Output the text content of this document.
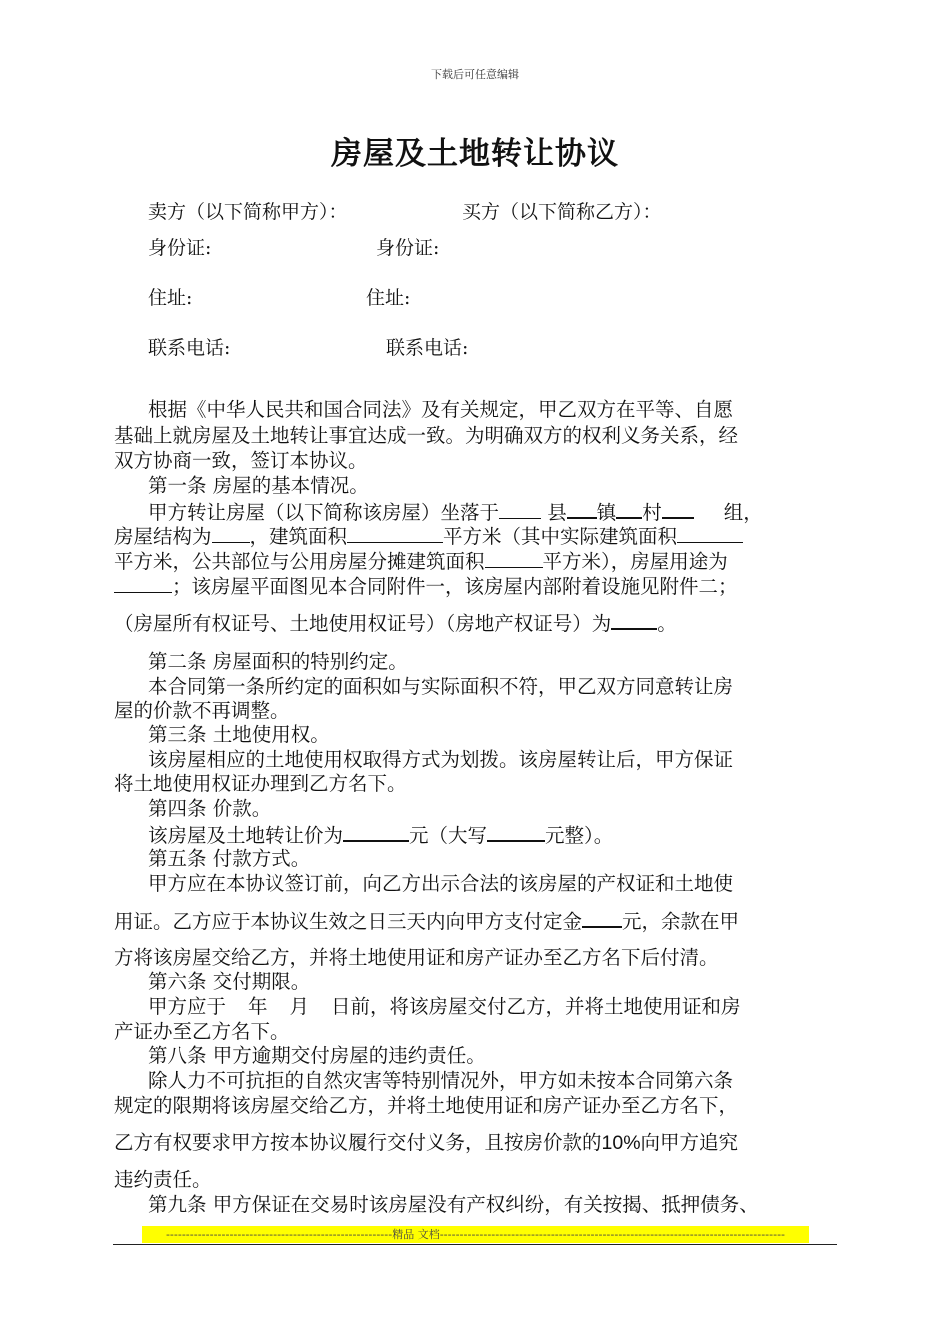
下载后可任意编辑
房屋及土地转让协议
卖方（以下简称甲方）：	买方（以下简称乙方）：
身份证:	身份证:
住址:	住址:
联系电话:	联系电话:
根据《中华人民共和国合同法》及有关规定，甲乙双方在平等、自愿
基础上就房屋及土地转让事宜达成一致。为明确双方的权利义务关系，经
双方协商一致，签订本协议。
第一条 房屋的基本情况。
甲方转让房屋（以下简称该房屋）坐落于 县 镇 村	组，
房屋结构为 ，建筑面积	平方米（其中实际建筑面积
平方米，公共部位与公用房屋分摊建筑面积	平方米），房屋用途为
；该房屋平面图见本合同附件一，该房屋内部附着设施见附件二；
（房屋所有权证号、土地使用权证号）（房地产权证号）为 。
第二条 房屋面积的特别约定。
本合同第一条所约定的面积如与实际面积不符，甲乙双方同意转让房
屋的价款不再调整。
第三条 土地使用权。
该房屋相应的土地使用权取得方式为划拨。该房屋转让后，甲方保证
将土地使用权证办理到乙方名下。
第四条 价款。
该房屋及土地转让价为	元（大写	元整）。
第五条 付款方式。
甲方应在本协议签订前，向乙方出示合法的该房屋的产权证和土地使
用证。乙方应于本协议生效之日三天内向甲方支付定金 元，余款在甲
方将该房屋交给乙方，并将土地使用证和房产证办至乙方名下后付清。
第六条 交付期限。
甲方应于 年 月 日前，将该房屋交付乙方，并将土地使用证和房
产证办至乙方名下。
第八条 甲方逾期交付房屋的违约责任。
除人力不可抗拒的自然灾害等特别情况外，甲方如未按本合同第六条
规定的限期将该房屋交给乙方，并将土地使用证和房产证办至乙方名下，
乙方有权要求甲方按本协议履行交付义务，且按房价款的10%向甲方追究
违约责任。
第九条 甲方保证在交易时该房屋没有产权纠纷，有关按揭、抵押债务、
---------------------------------------------------------精品 文档---------------------------------------------------------------------------------------
